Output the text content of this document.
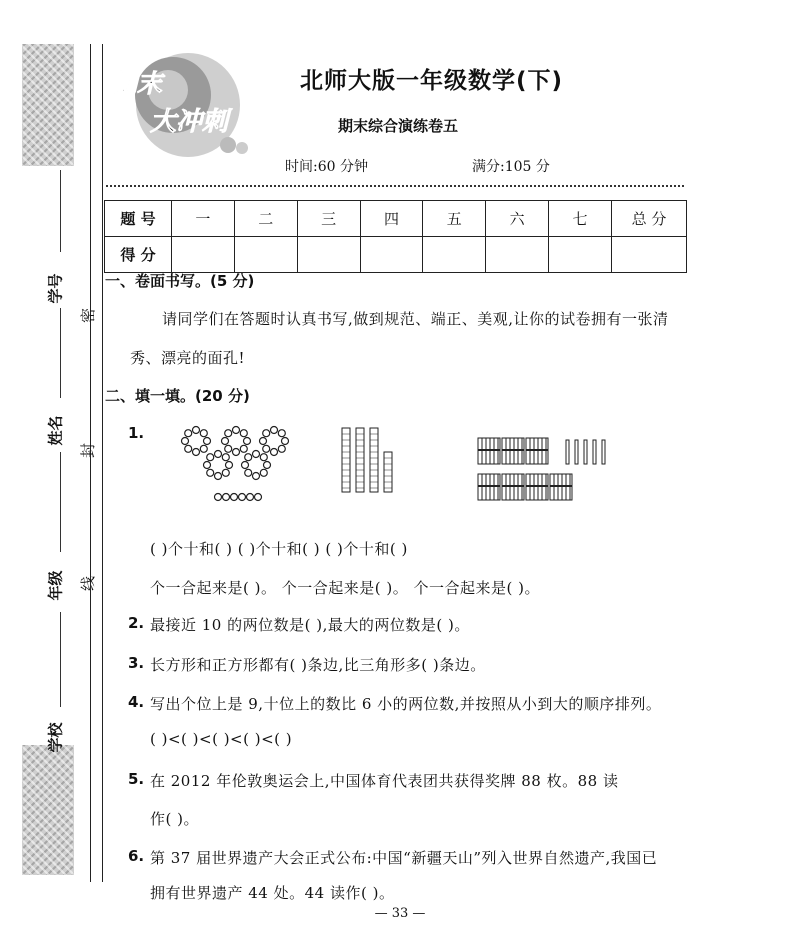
学号
姓名
年级
学校
密
封
线
期末
大冲刺
北师大版一年级数学(下)
期末综合演练卷五
时间:60 分钟	满分:105 分
题 号	一	二	三	四	五	六	七	总 分
得 分								
一、卷面书写。(5 分)
请同学们在答题时认真书写,做到规范、端正、美观,让你的试卷拥有一张清
秀、漂亮的面孔!
二、填一填。(20 分)
1.
( )个十和( ) ( )个十和( ) ( )个十和( )
个一合起来是( )。 个一合起来是( )。 个一合起来是( )。
2. 最接近 10 的两位数是( ),最大的两位数是( )。
3. 长方形和正方形都有( )条边,比三角形多( )条边。
4. 写出个位上是 9,十位上的数比 6 小的两位数,并按照从小到大的顺序排列。
( )<( )<( )<( )<( )
5. 在 2012 年伦敦奥运会上,中国体育代表团共获得奖牌 88 枚。88 读
作( )。
6. 第 37 届世界遗产大会正式公布:中国“新疆天山”列入世界自然遗产,我国已
拥有世界遗产 44 处。44 读作( )。
— 33 —
